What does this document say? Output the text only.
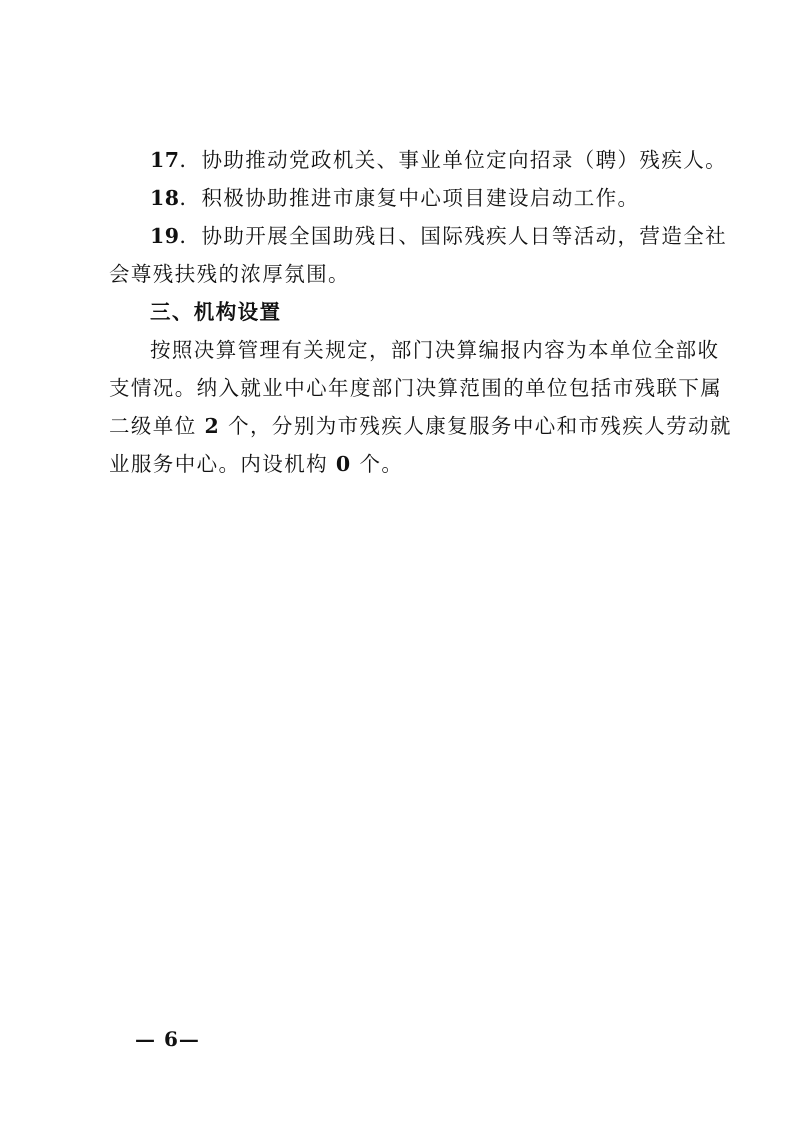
17．协助推动党政机关、事业单位定向招录（聘）残疾人。
18．积极协助推进市康复中心项目建设启动工作。
19．协助开展全国助残日、国际残疾人日等活动，营造全社
会尊残扶残的浓厚氛围。
三、机构设置
按照决算管理有关规定，部门决算编报内容为本单位全部收
支情况。纳入就业中心年度部门决算范围的单位包括市残联下属
二级单位 2 个，分别为市残疾人康复服务中心和市残疾人劳动就
业服务中心。内设机构 0 个。
— 6—
